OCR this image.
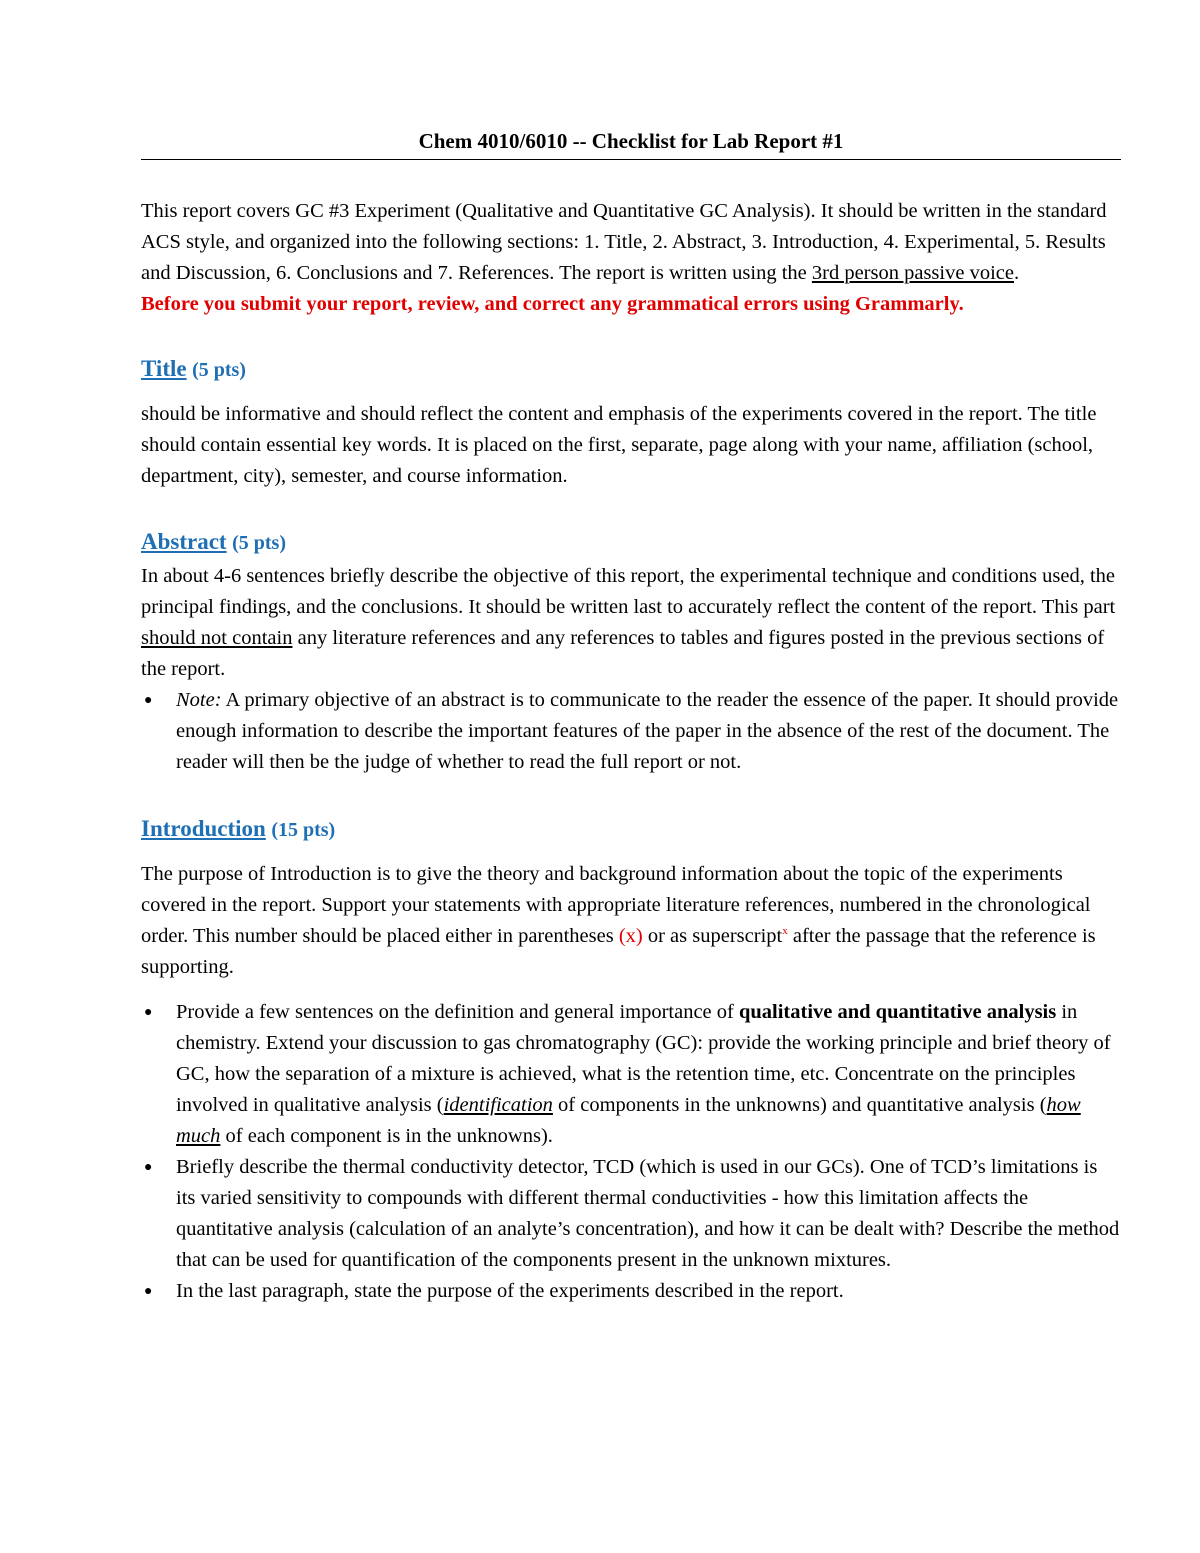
Chem 4010/6010 -- Checklist for Lab Report #1

This report covers GC #3 Experiment (Qualitative and Quantitative GC Analysis). It should be written in the standard ACS style, and organized into the following sections: 1. Title, 2. Abstract, 3. Introduction, 4. Experimental, 5. Results and Discussion, 6. Conclusions and 7. References. The report is written using the 3rd person passive voice.

Before you submit your report, review, and correct any grammatical errors using Grammarly.

Title (5 pts)

should be informative and should reflect the content and emphasis of the experiments covered in the report. The title should contain essential key words. It is placed on the first, separate, page along with your name, affiliation (school, department, city), semester, and course information.

Abstract (5 pts)

In about 4-6 sentences briefly describe the objective of this report, the experimental technique and conditions used, the principal findings, and the conclusions. It should be written last to accurately reflect the content of the report. This part should not contain any literature references and any references to tables and figures posted in the previous sections of the report.

●	Note: A primary objective of an abstract is to communicate to the reader the essence of the paper. It should provide enough information to describe the important features of the paper in the absence of the rest of the document. The reader will then be the judge of whether to read the full report or not.
Introduction (15 pts)

The purpose of Introduction is to give the theory and background information about the topic of the experiments covered in the report. Support your statements with appropriate literature references, numbered in the chronological order. This number should be placed either in parentheses (x) or as superscript$^x$ after the passage that the reference is supporting.

●	Provide a few sentences on the definition and general importance of qualitative and quantitative analysis in chemistry. Extend your discussion to gas chromatography (GC): provide the working principle and brief theory of GC, how the separation of a mixture is achieved, what is the retention time, etc. Concentrate on the principles involved in qualitative analysis (identification of components in the unknowns) and quantitative analysis (how much of each component is in the unknowns).
●	Briefly describe the thermal conductivity detector, TCD (which is used in our GCs). One of TCD’s limitations is its varied sensitivity to compounds with different thermal conductivities - how this limitation affects the quantitative analysis (calculation of an analyte’s concentration), and how it can be dealt with? Describe the method that can be used for quantification of the components present in the unknown mixtures.
●	In the last paragraph, state the purpose of the experiments described in the report.
